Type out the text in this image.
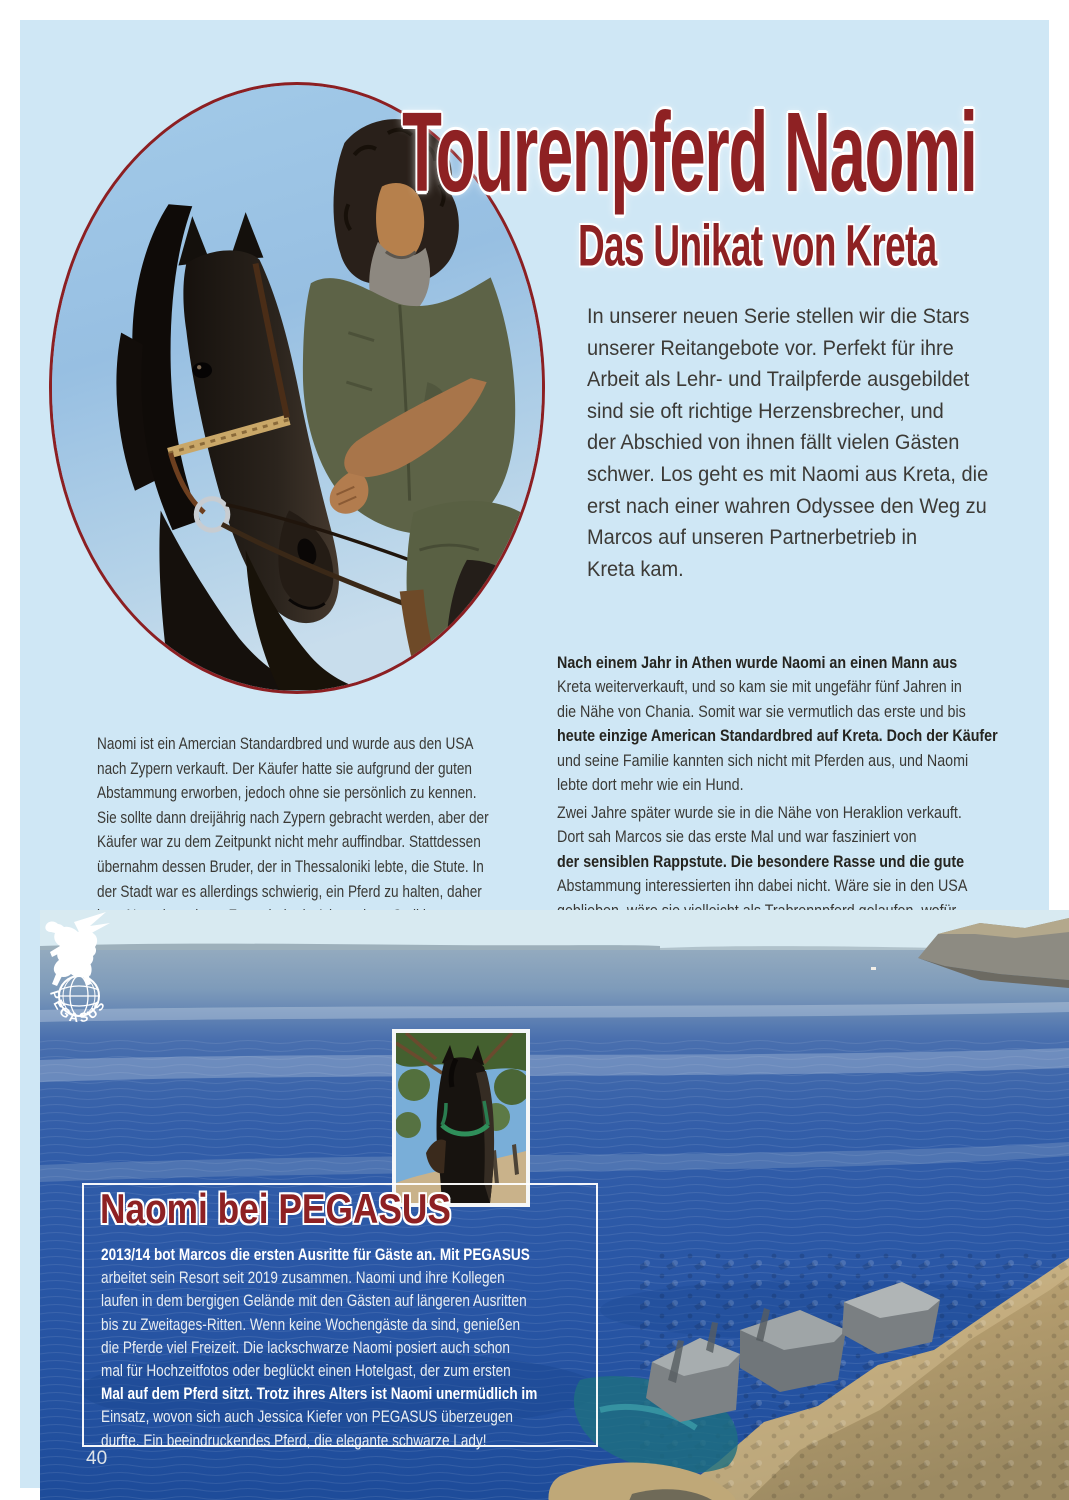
Tourenpferd Naomi
Das Unikat von Kreta
In unserer neuen Serie stellen wir die Stars
unserer Reitangebote vor. Perfekt für ihre
Arbeit als Lehr- und Trailpferde ausgebildet
sind sie oft richtige Herzensbrecher, und
der Abschied von ihnen fällt vielen Gästen
schwer. Los geht es mit Naomi aus Kreta, die
erst nach einer wahren Odyssee den Weg zu
Marcos auf unseren Partnerbetrieb in
Kreta kam.
Naomi ist ein Amercian Standardbred und wurde aus den USA
nach Zypern verkauft. Der Käufer hatte sie aufgrund der guten
Abstammung erworben, jedoch ohne sie persönlich zu kennen.
Sie sollte dann dreijährig nach Zypern gebracht werden, aber der
Käufer war zu dem Zeitpunkt nicht mehr auffindbar. Stattdessen
übernahm dessen Bruder, der in Thessaloniki lebte, die Stute. In
der Stadt war es allerdings schwierig, ein Pferd zu halten, daher
Nach einem Jahr in Athen wurde Naomi an einen Mann aus
Kreta weiterverkauft, und so kam sie mit ungefähr fünf Jahren in
die Nähe von Chania. Somit war sie vermutlich das erste und bis
heute einzige American Standardbred auf Kreta. Doch der Käufer
und seine Familie kannten sich nicht mit Pferden aus, und Naomi
lebte dort mehr wie ein Hund.
Zwei Jahre später wurde sie in die Nähe von Heraklion verkauft.
Dort sah Marcos sie das erste Mal und war fasziniert von
der sensiblen Rappstute. Die besondere Rasse und die gute
Abstammung interessierten ihn dabei nicht. Wäre sie in den USA
PEGASUS
Naomi bei PEGASUS
2013/14 bot Marcos die ersten Ausritte für Gäste an. Mit PEGASUS
arbeitet sein Resort seit 2019 zusammen. Naomi und ihre Kollegen
laufen in dem bergigen Gelände mit den Gästen auf längeren Ausritten
bis zu Zweitages-Ritten. Wenn keine Wochengäste da sind, genießen
die Pferde viel Freizeit. Die lackschwarze Naomi posiert auch schon
mal für Hochzeitfotos oder beglückt einen Hotelgast, der zum ersten
Mal auf dem Pferd sitzt. Trotz ihres Alters ist Naomi unermüdlich im
Einsatz, wovon sich auch Jessica Kiefer von PEGASUS überzeugen
durfte. Ein beeindruckendes Pferd, die elegante schwarze Lady!
40
